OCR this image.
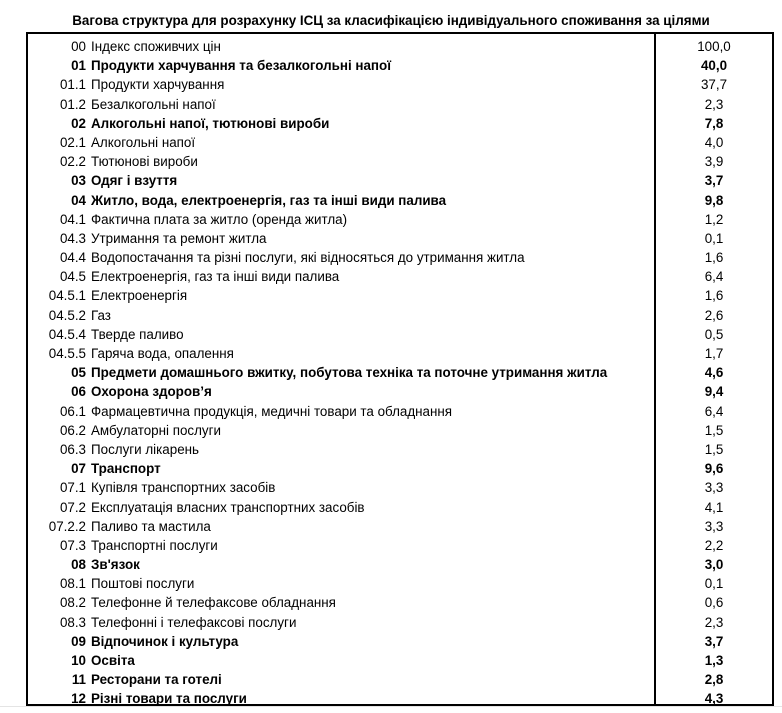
Вагова структура для розрахунку ІСЦ за класифікацією індивідуального споживання за цілями
00 Індекс споживчих цін	100,0
01 Продукти харчування та безалкогольні напої	40,0
01.1 Продукти харчування	37,7
01.2 Безалкогольні напої	2,3
02 Алкогольні напої, тютюнові вироби	7,8
02.1 Алкогольні напої	4,0
02.2 Тютюнові вироби	3,9
03 Одяг і взуття	3,7
04 Житло, вода, електроенергія, газ та інші види палива	9,8
04.1 Фактична плата за житло (оренда житла)	1,2
04.3 Утримання та ремонт житла	0,1
04.4 Водопостачання та різні послуги, які відносяться до утримання житла	1,6
04.5 Електроенергія, газ та інші види палива	6,4
04.5.1 Електроенергія	1,6
04.5.2 Газ	2,6
04.5.4 Тверде паливо	0,5
04.5.5 Гаряча вода, опалення	1,7
05 Предмети домашнього вжитку, побутова техніка та поточне утримання житла	4,6
06 Охорона здоров’я	9,4
06.1 Фармацевтична продукція, медичні товари та обладнання	6,4
06.2 Амбулаторні послуги	1,5
06.3 Послуги лікарень	1,5
07 Транспорт	9,6
07.1 Купівля транспортних засобів	3,3
07.2 Експлуатація власних транспортних засобів	4,1
07.2.2 Паливо та мастила	3,3
07.3 Транспортні послуги	2,2
08 Зв'язок	3,0
08.1 Поштові послуги	0,1
08.2 Телефонне й телефаксове обладнання	0,6
08.3 Телефонні і телефаксові послуги	2,3
09 Відпочинок і культура	3,7
10 Освіта	1,3
11 Ресторани та готелі	2,8
12 Різні товари та послуги	4,3
